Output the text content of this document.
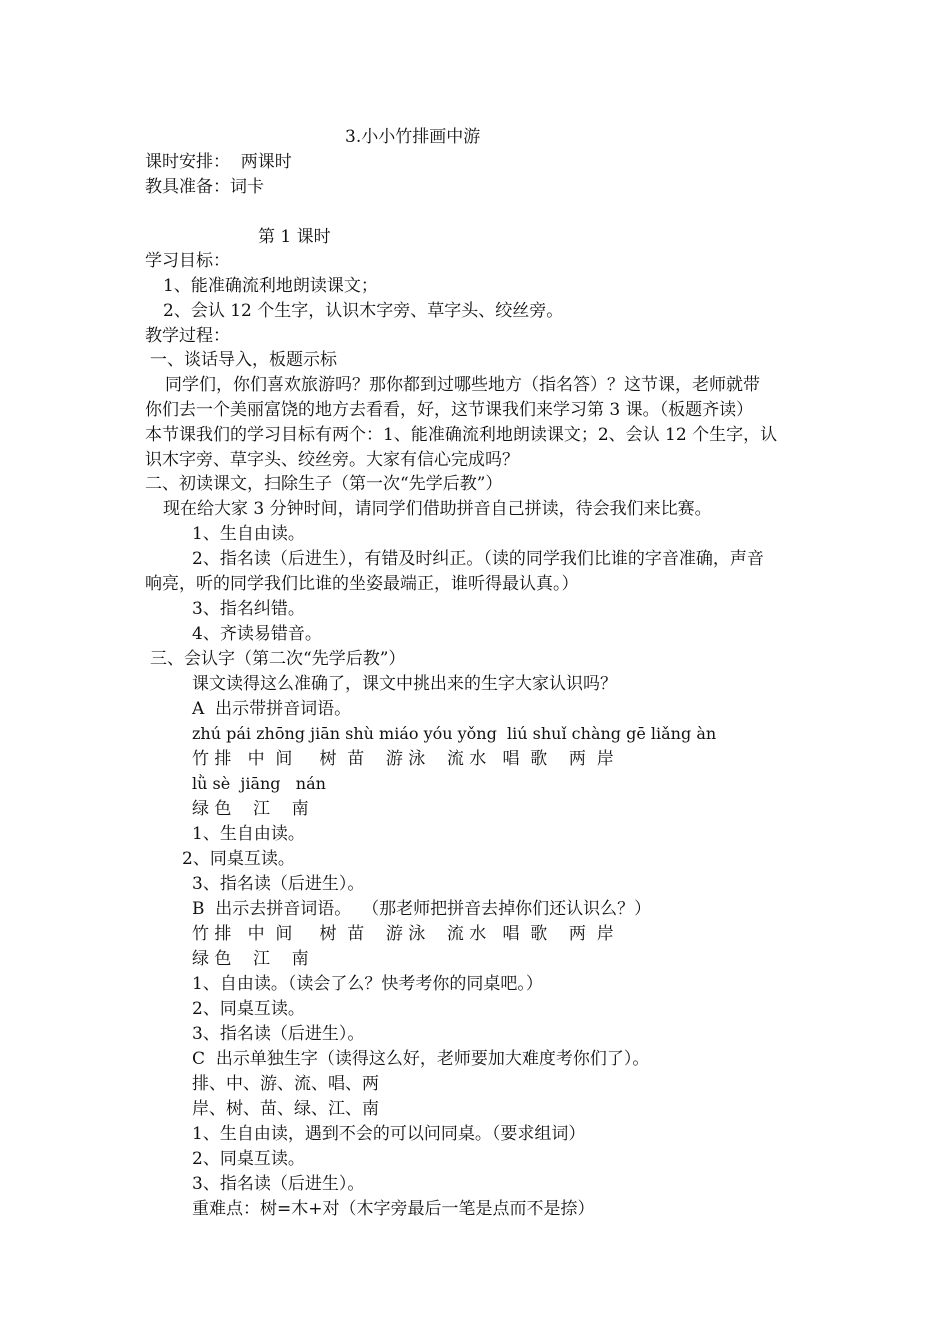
3.小小竹排画中游
课时安排：  两课时
教具准备：词卡
第 1 课时
学习目标：
1、能准确流利地朗读课文；
2、会认 12 个生字，认识木字旁、草字头、绞丝旁。
教学过程：
一、谈话导入，板题示标
同学们，你们喜欢旅游吗？那你都到过哪些地方（指名答）？这节课，老师就带
你们去一个美丽富饶的地方去看看，好，这节课我们来学习第 3 课。（板题齐读）
本节课我们的学习目标有两个：1、能准确流利地朗读课文；2、会认 12 个生字，认
识木字旁、草字头、绞丝旁。大家有信心完成吗？
二、初读课文，扫除生子（第一次“先学后教”）
现在给大家 3 分钟时间，请同学们借助拼音自己拼读，待会我们来比赛。
1、生自由读。
2、指名读（后进生），有错及时纠正。（读的同学我们比谁的字音准确，声音
响亮，听的同学我们比谁的坐姿最端正，谁听得最认真。）
3、指名纠错。
4、齐读易错音。
三、会认字（第二次“先学后教”）
课文读得这么准确了，课文中挑出来的生字大家认识吗？
A  出示带拼音词语。
zhú pái zhōng jiān shù miáo yóu yǒng  liú shuǐ chàng gē liǎng àn
竹 排   中  间     树  苗    游 泳    流 水   唱  歌    两  岸
lǜ sè  jiāng   nán
绿 色    江    南
1、生自由读。
2、同桌互读。
3、指名读（后进生）。
B  出示去拼音词语。  （那老师把拼音去掉你们还认识么？）
竹 排   中  间     树  苗    游 泳    流 水   唱  歌    两  岸
绿 色    江    南
1、自由读。（读会了么？快考考你的同桌吧。）
2、同桌互读。
3、指名读（后进生）。
C  出示单独生字（读得这么好，老师要加大难度考你们了）。
排、中、游、流、唱、两
岸、树、苗、绿、江、南
1、生自由读，遇到不会的可以问同桌。（要求组词）
2、同桌互读。
3、指名读（后进生）。
重难点：树=木+对（木字旁最后一笔是点而不是捺）
